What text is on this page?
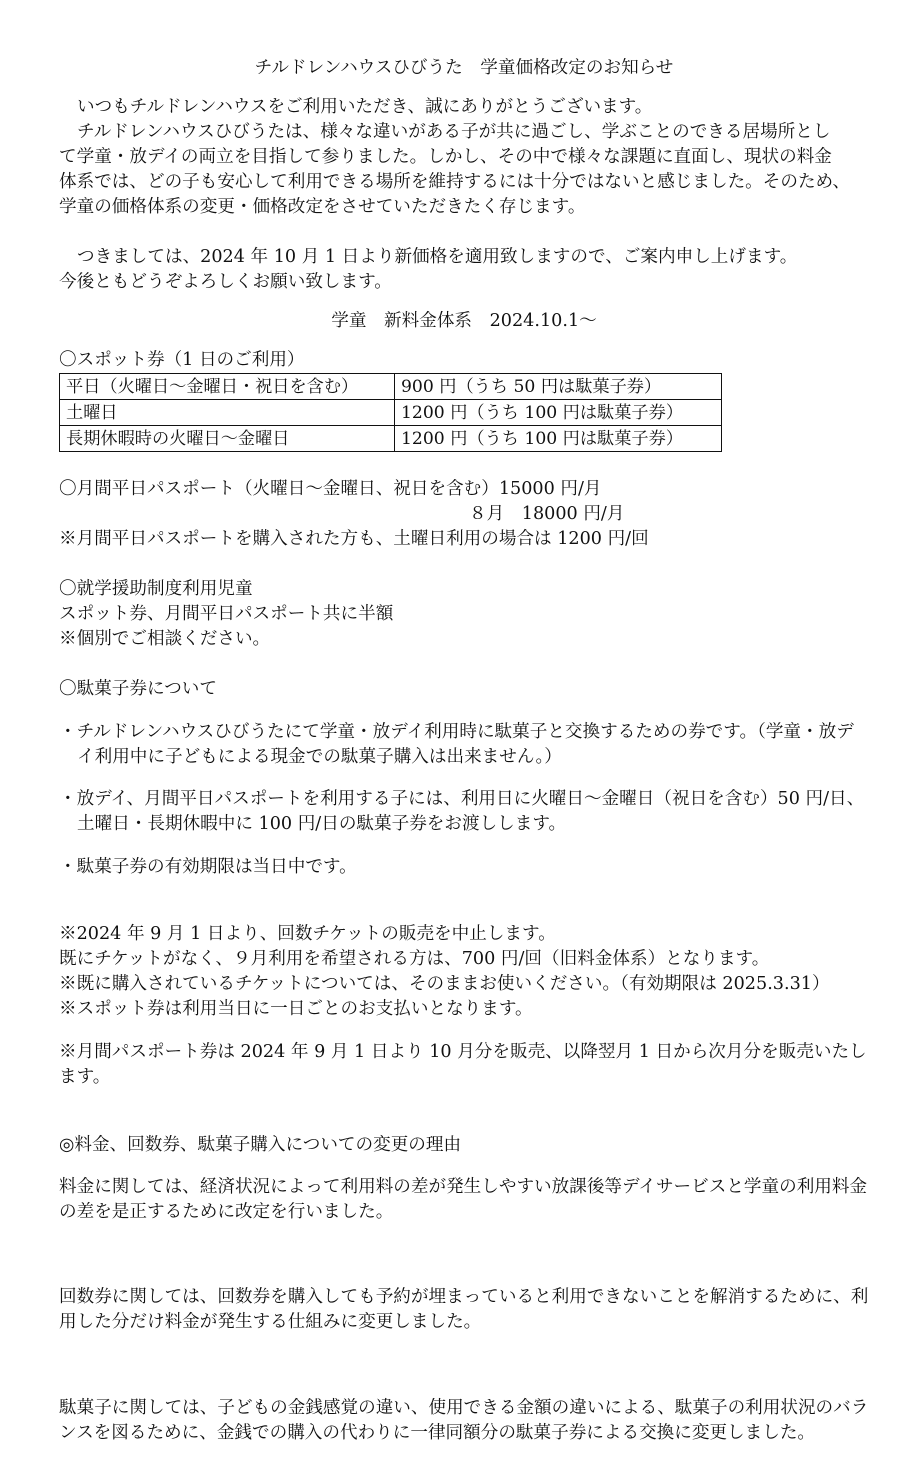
チルドレンハウスひびうた　学童価格改定のお知らせ

いつもチルドレンハウスをご利用いただき、誠にありがとうございます。

チルドレンハウスひびうたは、様々な違いがある子が共に過ごし、学ぶことのできる居場所とし

て学童・放デイの両立を目指して参りました。しかし、その中で様々な課題に直面し、現状の料金

体系では、どの子も安心して利用できる場所を維持するには十分ではないと感じました。そのため、

学童の価格体系の変更・価格改定をさせていただきたく存じます。

つきましては、2024 年 10 月 1 日より新価格を適用致しますので、ご案内申し上げます。

今後ともどうぞよろしくお願い致します。

学童　新料金体系　2024.10.1～

〇スポット券（1 日のご利用）

平日（火曜日～金曜日・祝日を含む）	900 円（うち 50 円は駄菓子券）
土曜日	1200 円（うち 100 円は駄菓子券）
長期休暇時の火曜日～金曜日	1200 円（うち 100 円は駄菓子券）

〇月間平日パスポート（火曜日～金曜日、祝日を含む）15000 円/月

８月　18000 円/月

※月間平日パスポートを購入された方も、土曜日利用の場合は 1200 円/回

〇就学援助制度利用児童

スポット券、月間平日パスポート共に半額

※個別でご相談ください。

〇駄菓子券について

・チルドレンハウスひびうたにて学童・放デイ利用時に駄菓子と交換するための券です。（学童・放デイ利用中に子どもによる現金での駄菓子購入は出来ません。）

・放デイ、月間平日パスポートを利用する子には、利用日に火曜日～金曜日（祝日を含む）50 円/日、土曜日・長期休暇中に 100 円/日の駄菓子券をお渡しします。

・駄菓子券の有効期限は当日中です。

※2024 年 9 月 1 日より、回数チケットの販売を中止します。

既にチケットがなく、９月利用を希望される方は、700 円/回（旧料金体系）となります。

※既に購入されているチケットについては、そのままお使いください。（有効期限は 2025.3.31）

※スポット券は利用当日に一日ごとのお支払いとなります。

※月間パスポート券は 2024 年 9 月 1 日より 10 月分を販売、以降翌月 1 日から次月分を販売いたします。

◎料金、回数券、駄菓子購入についての変更の理由

料金に関しては、経済状況によって利用料の差が発生しやすい放課後等デイサービスと学童の利用料金の差を是正するために改定を行いました。

回数券に関しては、回数券を購入しても予約が埋まっていると利用できないことを解消するために、利用した分だけ料金が発生する仕組みに変更しました。

駄菓子に関しては、子どもの金銭感覚の違い、使用できる金額の違いによる、駄菓子の利用状況のバランスを図るために、金銭での購入の代わりに一律同額分の駄菓子券による交換に変更しました。
